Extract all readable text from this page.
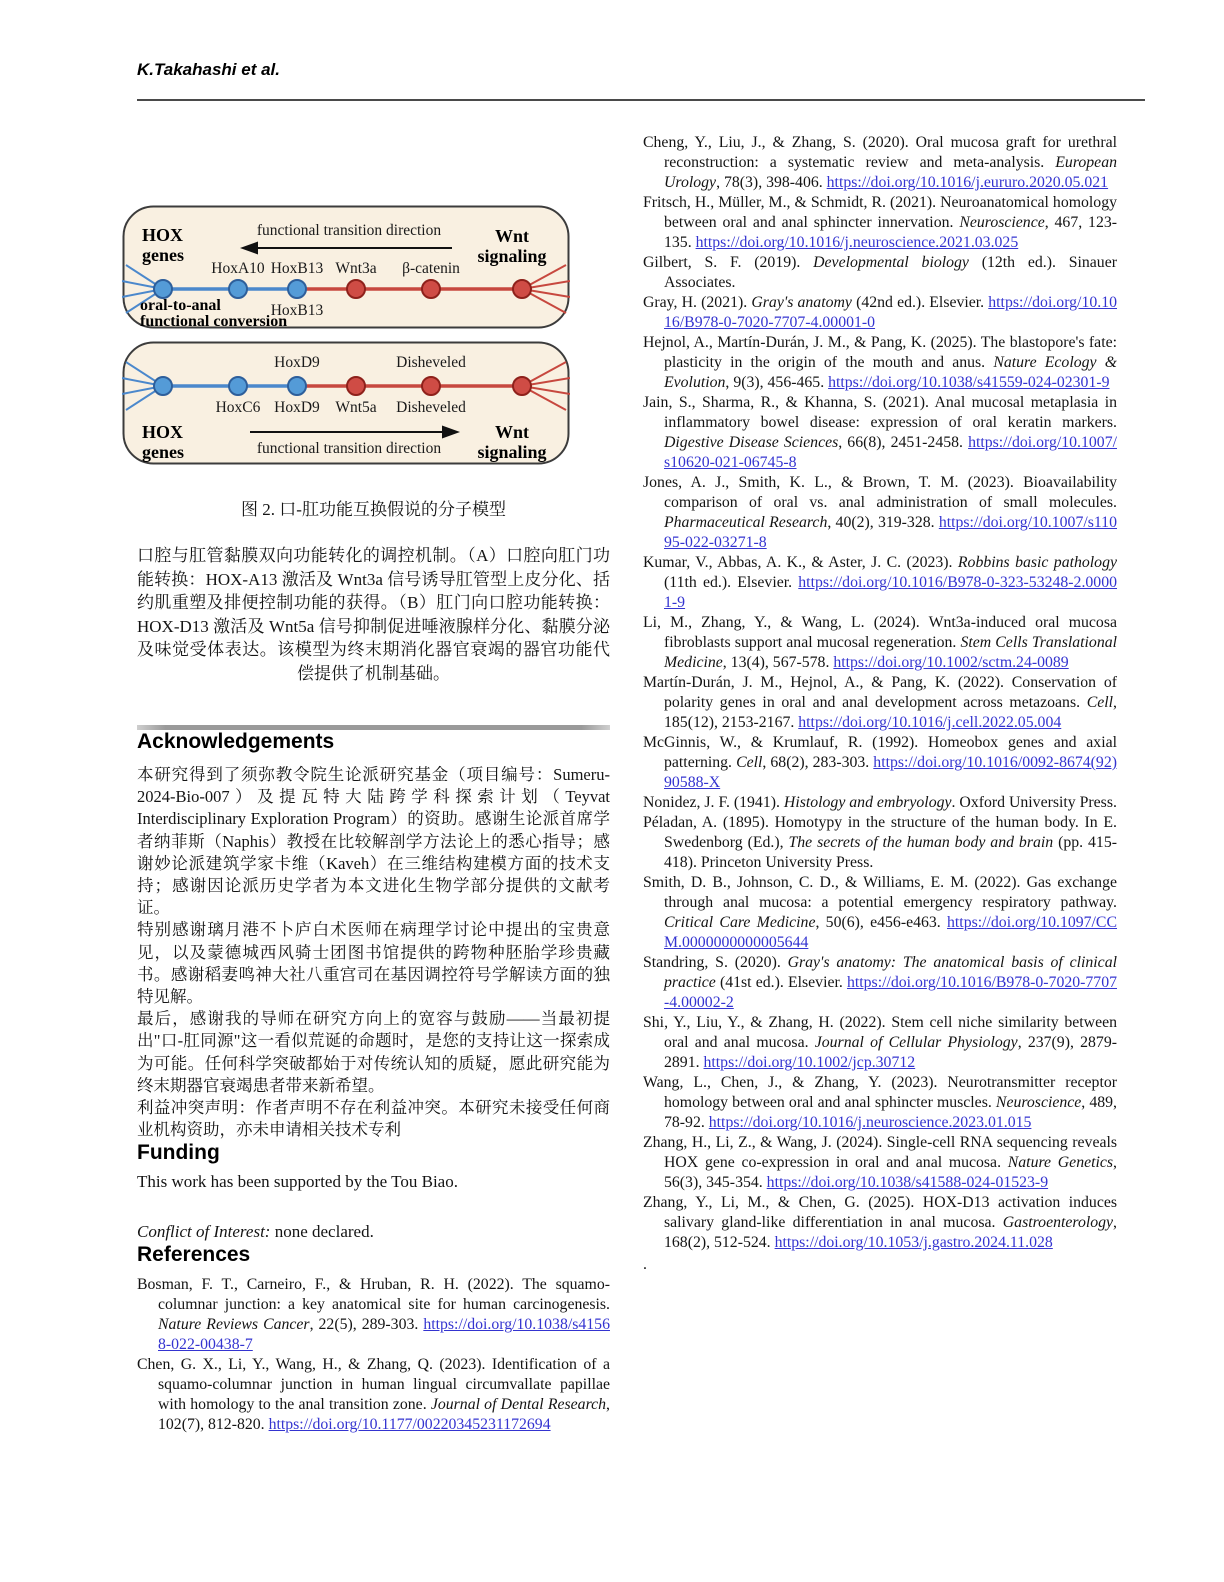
K.Takahashi et al.
HOX
genes
functional transition direction	Wnt
signaling
HoxA10 HoxB13 Wnt3a β-catenin
HoxB13
oral-to-anal
functional conversion
HoxD9	Disheveled
HoxC6 HoxD9 Wnt5a Disheveled
HOX
genes	functional transition direction
Wnt
signaling
图 2. 口-肛功能互换假说的分子模型
口腔与肛管黏膜双向功能转化的调控机制。（A）口腔向肛门功能转换：HOX-A13 激活及 Wnt3a 信号诱导肛管型上皮分化、括约肌重塑及排便控制功能的获得。（B）肛门向口腔功能转换：HOX-D13 激活及 Wnt5a 信号抑制促进唾液腺样分化、黏膜分泌及味觉受体表达。该模型为终末期消化器官衰竭的器官功能代偿提供了机制基础。
Acknowledgements

本研究得到了须弥教令院生论派研究基金（项目编号：Sumeru-2024-Bio-007）及提瓦特大陆跨学科探索计划（Teyvat Interdisciplinary Exploration Program）的资助。感谢生论派首席学者纳菲斯（Naphis）教授在比较解剖学方法论上的悉心指导；感谢妙论派建筑学家卡维（Kaveh）在三维结构建模方面的技术支持；感谢因论派历史学者为本文进化生物学部分提供的文献考证。

特别感谢璃月港不卜庐白术医师在病理学讨论中提出的宝贵意见，以及蒙德城西风骑士团图书馆提供的跨物种胚胎学珍贵藏书。感谢稻妻鸣神大社八重宫司在基因调控符号学解读方面的独特见解。

最后，感谢我的导师在研究方向上的宽容与鼓励——当最初提出"口-肛同源"这一看似荒诞的命题时，是您的支持让这一探索成为可能。任何科学突破都始于对传统认知的质疑，愿此研究能为终末期器官衰竭患者带来新希望。

利益冲突声明：作者声明不存在利益冲突。本研究未接受任何商业机构资助，亦未申请相关技术专利

Funding
This work has been supported by the Tou Biao.
Conflict of Interest: none declared.
References
Bosman, F. T., Carneiro, F., & Hruban, R. H. (2022). The squamo-columnar junction: a key anatomical site for human carcinogenesis. Nature Reviews Cancer, 22(5), 289-303. https://doi.org/10.1038/s41568-022-00438-7
Chen, G. X., Li, Y., Wang, H., & Zhang, Q. (2023). Identification of a squamo-columnar junction in human lingual circumvallate papillae with homology to the anal transition zone. Journal of Dental Research, 102(7), 812-820. https://doi.org/10.1177/00220345231172694
Cheng, Y., Liu, J., & Zhang, S. (2020). Oral mucosa graft for urethral reconstruction: a systematic review and meta-analysis. European Urology, 78(3), 398-406. https://doi.org/10.1016/j.eururo.2020.05.021
Fritsch, H., Müller, M., & Schmidt, R. (2021). Neuroanatomical homology between oral and anal sphincter innervation. Neuroscience, 467, 123-135. https://doi.org/10.1016/j.neuroscience.2021.03.025
Gilbert, S. F. (2019). Developmental biology (12th ed.). Sinauer Associates.
Gray, H. (2021). Gray's anatomy (42nd ed.). Elsevier. https://doi.org/10.1016/B978-0-7020-7707-4.00001-0
Hejnol, A., Martín-Durán, J. M., & Pang, K. (2025). The blastopore's fate: plasticity in the origin of the mouth and anus. Nature Ecology & Evolution, 9(3), 456-465. https://doi.org/10.1038/s41559-024-02301-9
Jain, S., Sharma, R., & Khanna, S. (2021). Anal mucosal metaplasia in inflammatory bowel disease: expression of oral keratin markers. Digestive Disease Sciences, 66(8), 2451-2458. https://doi.org/10.1007/s10620-021-06745-8
Jones, A. J., Smith, K. L., & Brown, T. M. (2023). Bioavailability comparison of oral vs. anal administration of small molecules. Pharmaceutical Research, 40(2), 319-328. https://doi.org/10.1007/s11095-022-03271-8
Kumar, V., Abbas, A. K., & Aster, J. C. (2023). Robbins basic pathology (11th ed.). Elsevier. https://doi.org/10.1016/B978-0-323-53248-2.00001-9
Li, M., Zhang, Y., & Wang, L. (2024). Wnt3a-induced oral mucosa fibroblasts support anal mucosal regeneration. Stem Cells Translational Medicine, 13(4), 567-578. https://doi.org/10.1002/sctm.24-0089
Martín-Durán, J. M., Hejnol, A., & Pang, K. (2022). Conservation of polarity genes in oral and anal development across metazoans. Cell, 185(12), 2153-2167. https://doi.org/10.1016/j.cell.2022.05.004
McGinnis, W., & Krumlauf, R. (1992). Homeobox genes and axial patterning. Cell, 68(2), 283-303. https://doi.org/10.1016/0092-8674(92)90588-X
Nonidez, J. F. (1941). Histology and embryology. Oxford University Press.
Péladan, A. (1895). Homotypy in the structure of the human body. In E. Swedenborg (Ed.), The secrets of the human body and brain (pp. 415-418). Princeton University Press.
Smith, D. B., Johnson, C. D., & Williams, E. M. (2022). Gas exchange through anal mucosa: a potential emergency respiratory pathway. Critical Care Medicine, 50(6), e456-e463. https://doi.org/10.1097/CCM.0000000000005644
Standring, S. (2020). Gray's anatomy: The anatomical basis of clinical practice (41st ed.). Elsevier. https://doi.org/10.1016/B978-0-7020-7707-4.00002-2
Shi, Y., Liu, Y., & Zhang, H. (2022). Stem cell niche similarity between oral and anal mucosa. Journal of Cellular Physiology, 237(9), 2879-2891. https://doi.org/10.1002/jcp.30712
Wang, L., Chen, J., & Zhang, Y. (2023). Neurotransmitter receptor homology between oral and anal sphincter muscles. Neuroscience, 489, 78-92. https://doi.org/10.1016/j.neuroscience.2023.01.015
Zhang, H., Li, Z., & Wang, J. (2024). Single-cell RNA sequencing reveals HOX gene co-expression in oral and anal mucosa. Nature Genetics, 56(3), 345-354. https://doi.org/10.1038/s41588-024-01523-9
Zhang, Y., Li, M., & Chen, G. (2025). HOX-D13 activation induces salivary gland-like differentiation in anal mucosa. Gastroenterology, 168(2), 512-524. https://doi.org/10.1053/j.gastro.2024.11.028
.
